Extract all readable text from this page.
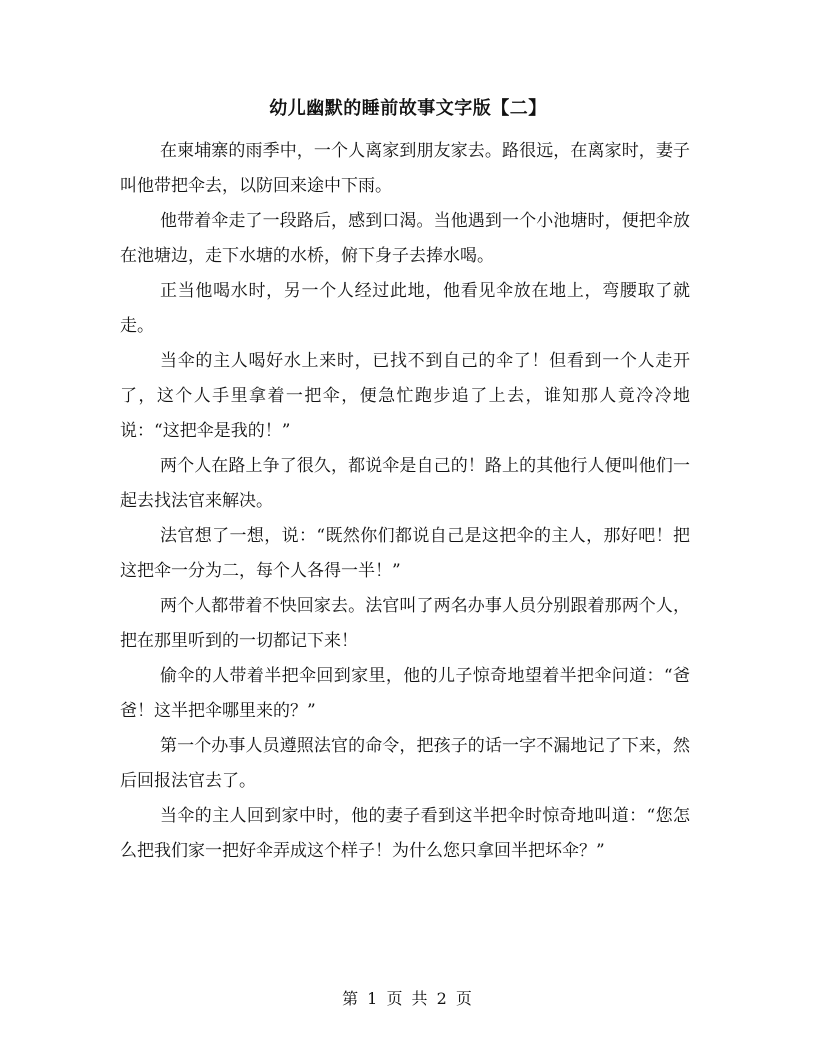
幼儿幽默的睡前故事文字版【二】

在柬埔寨的雨季中，一个人离家到朋友家去。路很远，在离家时，妻子叫他带把伞去，以防回来途中下雨。

他带着伞走了一段路后，感到口渴。当他遇到一个小池塘时，便把伞放在池塘边，走下水塘的水桥，俯下身子去捧水喝。

正当他喝水时，另一个人经过此地，他看见伞放在地上，弯腰取了就走。

当伞的主人喝好水上来时，已找不到自己的伞了！但看到一个人走开了，这个人手里拿着一把伞，便急忙跑步追了上去，谁知那人竟冷冷地说：“这把伞是我的！”

两个人在路上争了很久，都说伞是自己的！路上的其他行人便叫他们一起去找法官来解决。

法官想了一想，说：“既然你们都说自己是这把伞的主人，那好吧！把这把伞一分为二，每个人各得一半！”

两个人都带着不快回家去。法官叫了两名办事人员分别跟着那两个人，把在那里听到的一切都记下来！

偷伞的人带着半把伞回到家里，他的儿子惊奇地望着半把伞问道：“爸爸！这半把伞哪里来的？”

第一个办事人员遵照法官的命令，把孩子的话一字不漏地记了下来，然后回报法官去了。

当伞的主人回到家中时，他的妻子看到这半把伞时惊奇地叫道：“您怎么把我们家一把好伞弄成这个样子！为什么您只拿回半把坏伞？”

第 1 页 共 2 页
